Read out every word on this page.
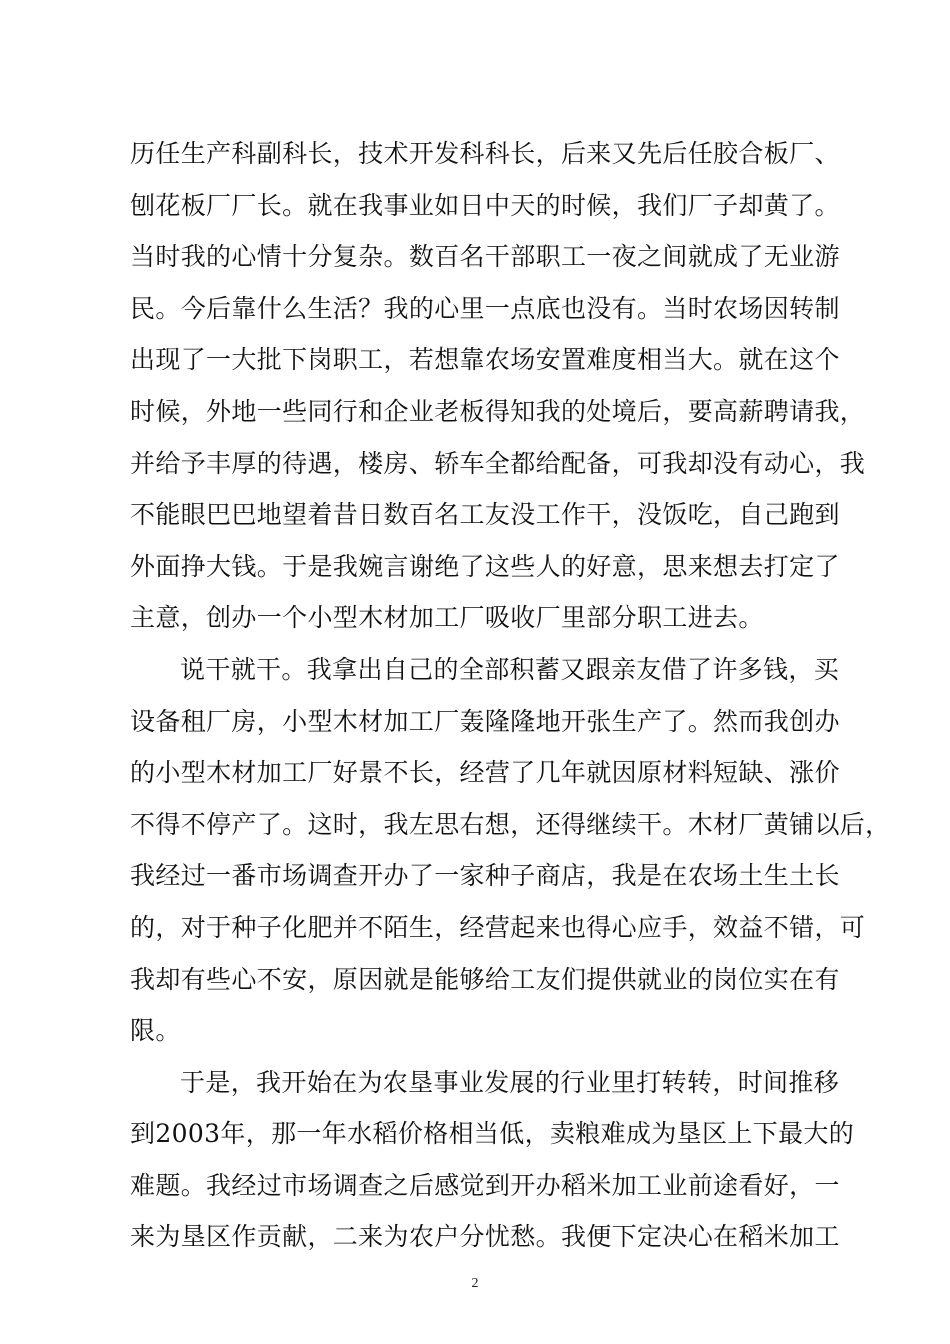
历任生产科副科长，技术开发科科长，后来又先后任胶合板厂、
刨花板厂厂长。就在我事业如日中天的时候，我们厂子却黄了。
当时我的心情十分复杂。数百名干部职工一夜之间就成了无业游
民。今后靠什么生活？我的心里一点底也没有。当时农场因转制
出现了一大批下岗职工，若想靠农场安置难度相当大。就在这个
时候，外地一些同行和企业老板得知我的处境后，要高薪聘请我，
并给予丰厚的待遇，楼房、轿车全都给配备，可我却没有动心，我
不能眼巴巴地望着昔日数百名工友没工作干，没饭吃，自己跑到
外面挣大钱。于是我婉言谢绝了这些人的好意，思来想去打定了
主意，创办一个小型木材加工厂吸收厂里部分职工进去。
说干就干。我拿出自己的全部积蓄又跟亲友借了许多钱，买
设备租厂房，小型木材加工厂轰隆隆地开张生产了。然而我创办
的小型木材加工厂好景不长，经营了几年就因原材料短缺、涨价
不得不停产了。这时，我左思右想，还得继续干。木材厂黄铺以后，
我经过一番市场调查开办了一家种子商店，我是在农场土生土长
的，对于种子化肥并不陌生，经营起来也得心应手，效益不错，可
我却有些心不安，原因就是能够给工友们提供就业的岗位实在有
限。
于是，我开始在为农垦事业发展的行业里打转转，时间推移
到2003年，那一年水稻价格相当低，卖粮难成为垦区上下最大的
难题。我经过市场调查之后感觉到开办稻米加工业前途看好，一
来为垦区作贡献，二来为农户分忧愁。我便下定决心在稻米加工
2
